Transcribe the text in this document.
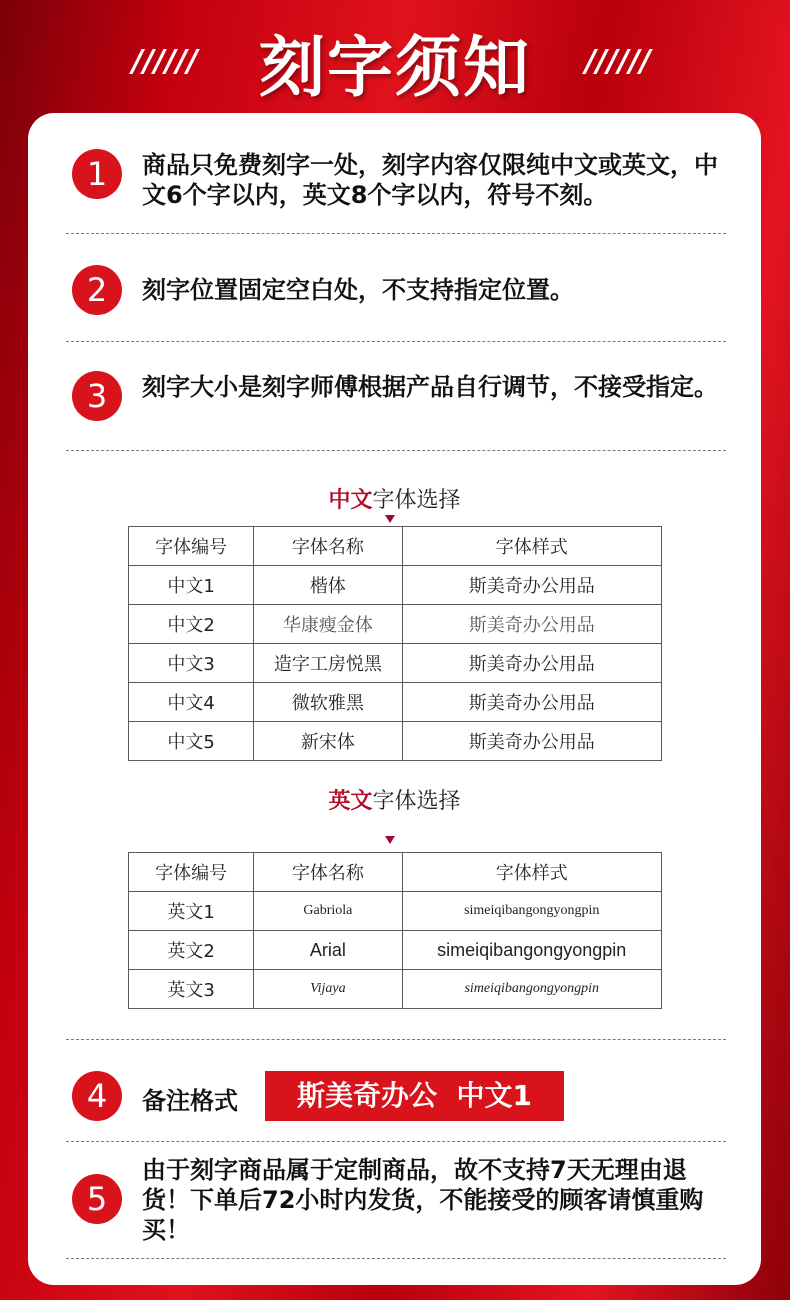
////// 刻字须知	//////
1	商品只免费刻字一处，刻字内容仅限纯中文或英文，中文6个字以内，英文8个字以内，符号不刻。
2	刻字位置固定空白处，不支持指定位置。
3	刻字大小是刻字师傅根据产品自行调节，不接受指定。
中文字体选择
字体编号	字体名称	字体样式
中文1	楷体	斯美奇办公用品
中文2	华康瘦金体	斯美奇办公用品
中文3	造字工房悦黑	斯美奇办公用品
中文4	微软雅黑	斯美奇办公用品
中文5	新宋体	斯美奇办公用品
英文字体选择
字体编号	字体名称	字体样式
英文1	Gabriola	simeiqibangongyongpin
英文2	Arial	simeiqibangongyongpin
英文3	Vijaya	simeiqibangongyongpin
4	备注格式	斯美奇办公  中文1
5
由于刻字商品属于定制商品，故不支持7天无理由退货！下单后72小时内发货，不能接受的顾客请慎重购买！
